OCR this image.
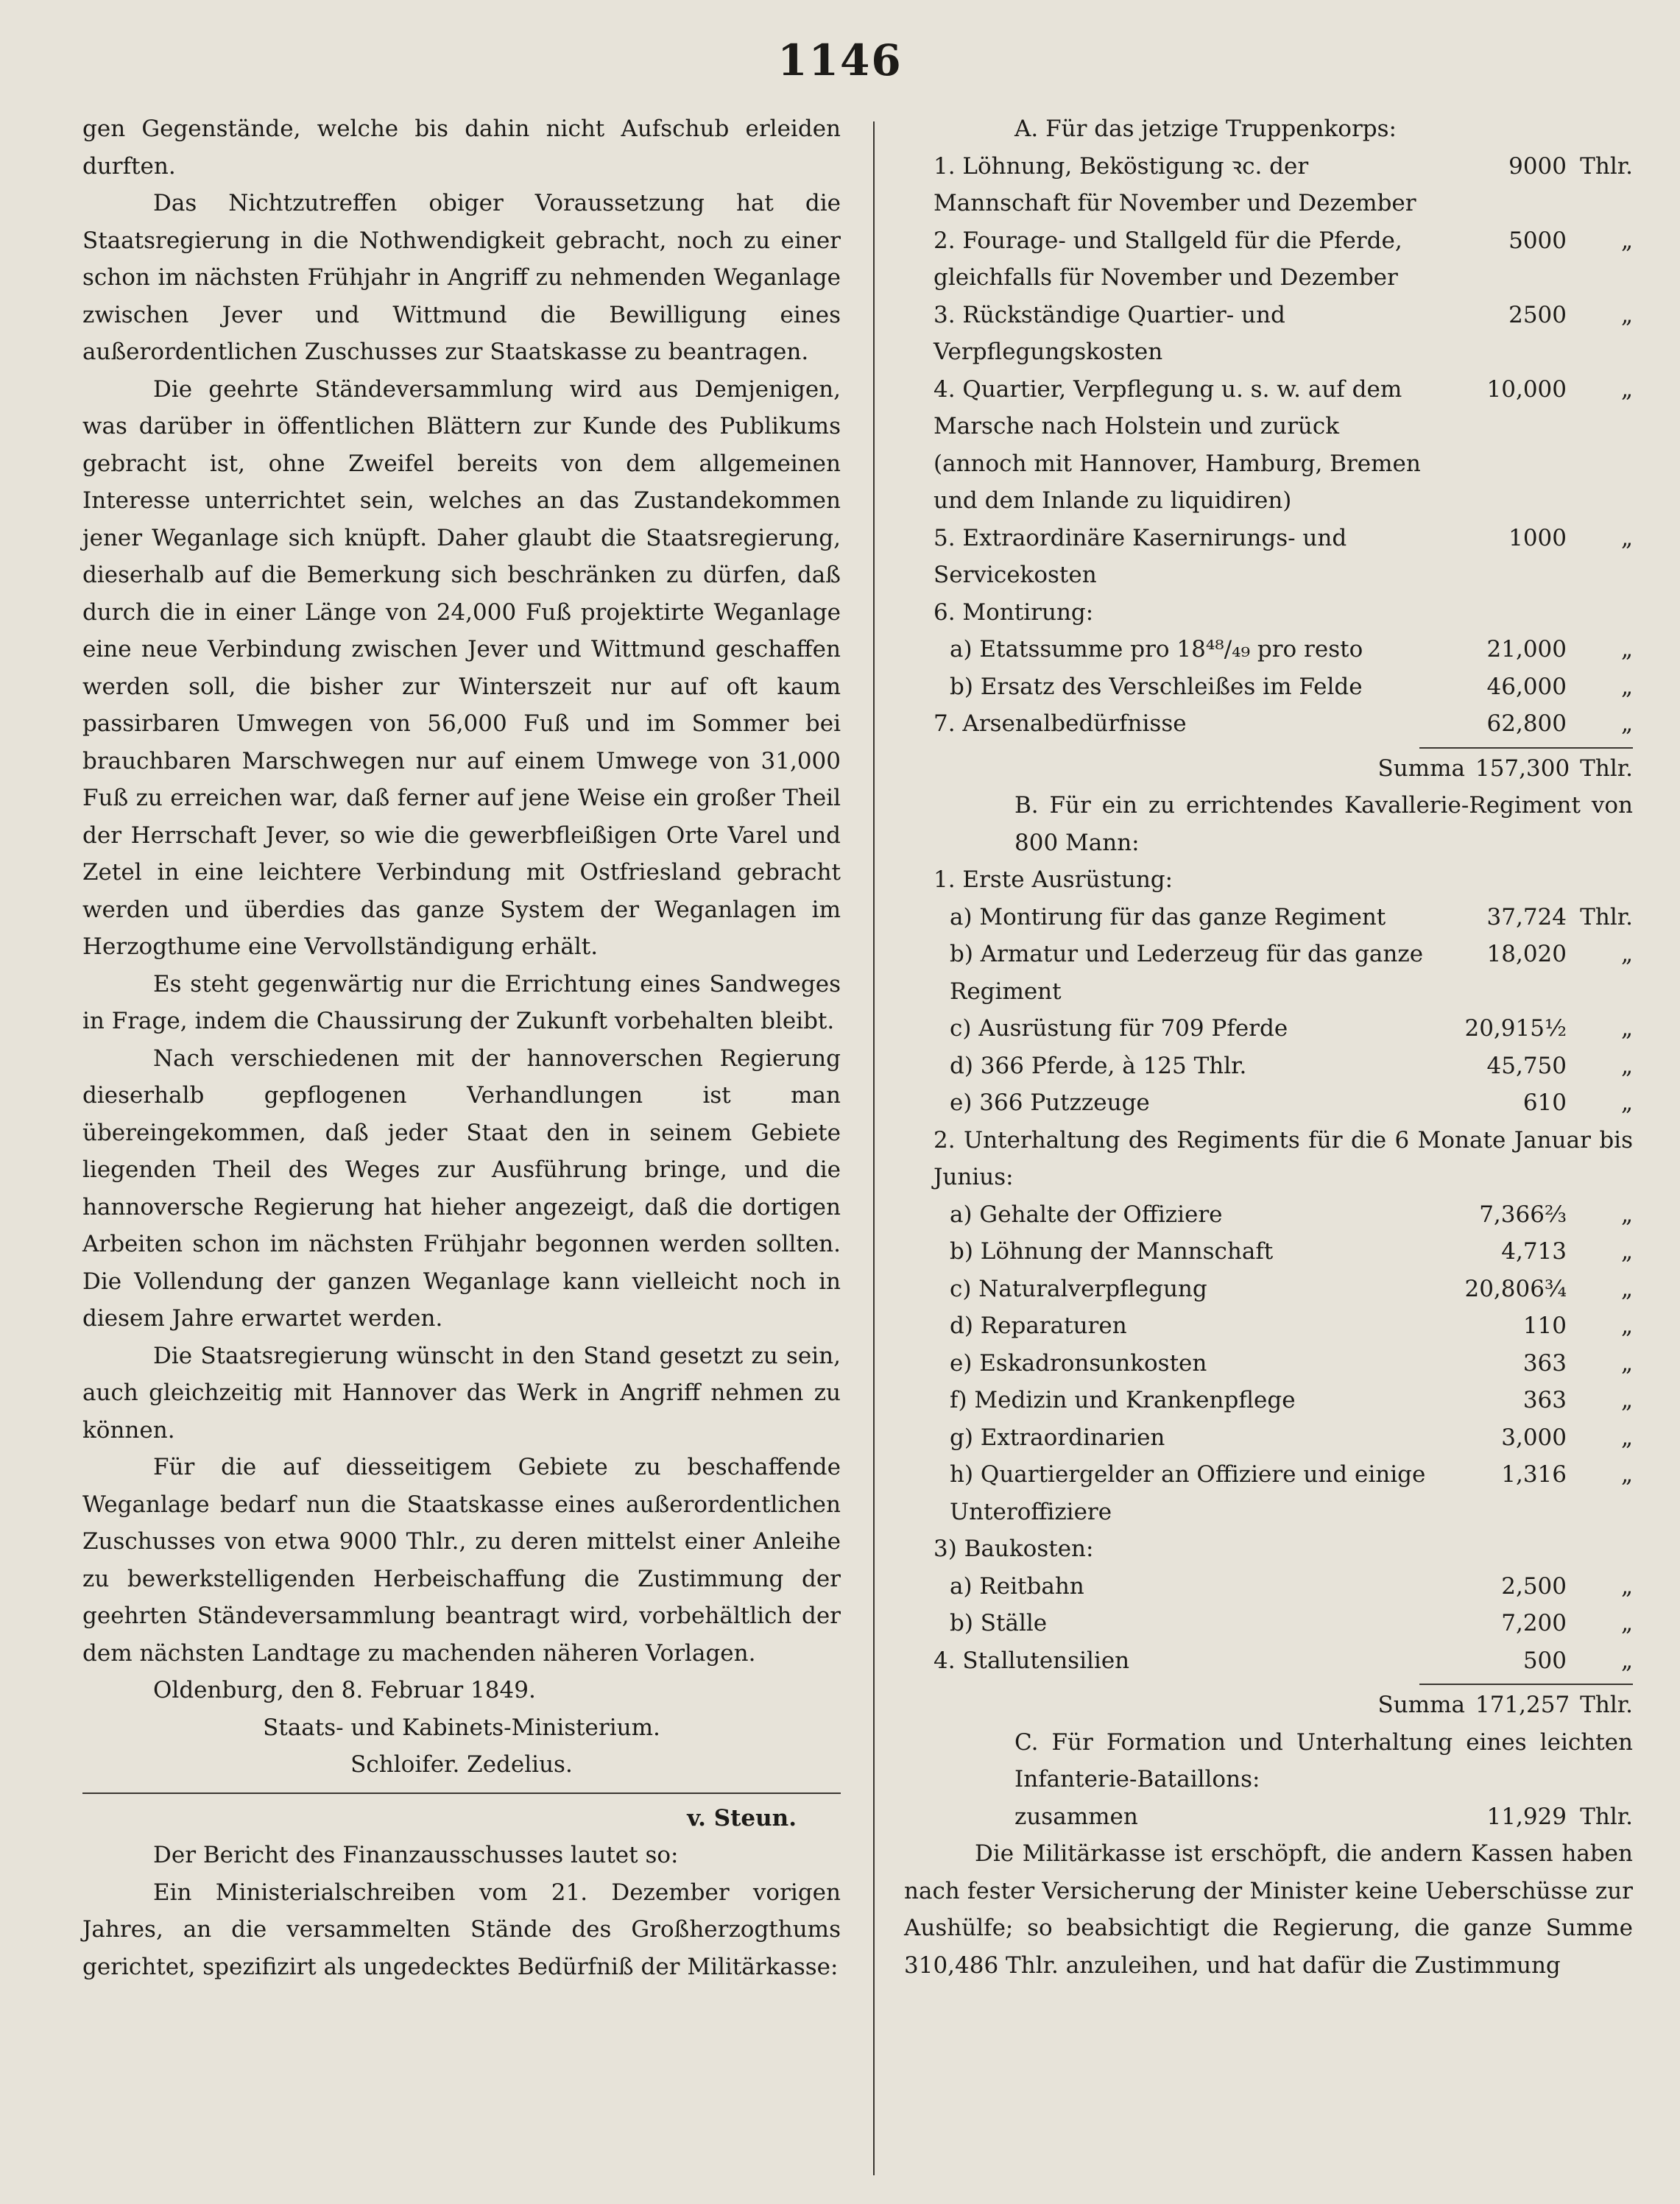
1146

gen Gegenstände, welche bis dahin nicht Aufschub erleiden durften.

Das Nichtzutreffen obiger Voraussetzung hat die Staatsregierung in die Nothwendigkeit gebracht, noch zu einer schon im nächsten Frühjahr in Angriff zu nehmenden Weganlage zwischen Jever und Wittmund die Bewilligung eines außerordentlichen Zuschusses zur Staatskasse zu beantragen.

Die geehrte Ständeversammlung wird aus Demjenigen, was darüber in öffentlichen Blättern zur Kunde des Publikums gebracht ist, ohne Zweifel bereits von dem allgemeinen Interesse unterrichtet sein, welches an das Zustandekommen jener Weganlage sich knüpft. Daher glaubt die Staatsregierung, dieserhalb auf die Bemerkung sich beschränken zu dürfen, daß durch die in einer Länge von 24,000 Fuß projektirte Weganlage eine neue Verbindung zwischen Jever und Wittmund geschaffen werden soll, die bisher zur Winterszeit nur auf oft kaum passirbaren Umwegen von 56,000 Fuß und im Sommer bei brauchbaren Marschwegen nur auf einem Umwege von 31,000 Fuß zu erreichen war, daß ferner auf jene Weise ein großer Theil der Herrschaft Jever, so wie die gewerbfleißigen Orte Varel und Zetel in eine leichtere Verbindung mit Ostfriesland gebracht werden und überdies das ganze System der Weganlagen im Herzogthume eine Vervollständigung erhält.

Es steht gegenwärtig nur die Errichtung eines Sandweges in Frage, indem die Chaussirung der Zukunft vorbehalten bleibt.

Nach verschiedenen mit der hannoverschen Regierung dieserhalb gepflogenen Verhandlungen ist man übereingekommen, daß jeder Staat den in seinem Gebiete liegenden Theil des Weges zur Ausführung bringe, und die hannoversche Regierung hat hieher angezeigt, daß die dortigen Arbeiten schon im nächsten Frühjahr begonnen werden sollten. Die Vollendung der ganzen Weganlage kann vielleicht noch in diesem Jahre erwartet werden.

Die Staatsregierung wünscht in den Stand gesetzt zu sein, auch gleichzeitig mit Hannover das Werk in Angriff nehmen zu können.

Für die auf diesseitigem Gebiete zu beschaffende Weganlage bedarf nun die Staatskasse eines außerordentlichen Zuschusses von etwa 9000 Thlr., zu deren mittelst einer Anleihe zu bewerkstelligenden Herbeischaffung die Zustimmung der geehrten Ständeversammlung beantragt wird, vorbehältlich der dem nächsten Landtage zu machenden näheren Vorlagen.

Oldenburg, den 8. Februar 1849.

Staats- und Kabinets-Ministerium.

Schloifer. Zedelius.

v. Steun.

Der Bericht des Finanzausschusses lautet so:

Ein Ministerialschreiben vom 21. Dezember vorigen Jahres, an die versammelten Stände des Großherzogthums gerichtet, spezifizirt als ungedecktes Bedürfniß der Militärkasse:

A. Für das jetzige Truppenkorps:

1. Löhnung, Beköstigung ꝛc. der Mannschaft für November und Dezember
9000 Thlr.
2. Fourage- und Stallgeld für die Pferde, gleichfalls für November und Dezember
5000	„
3. Rückständige Quartier- und Verpflegungskosten
2500	„
4. Quartier, Verpflegung u. s. w. auf dem Marsche nach Holstein und zurück (annoch mit Hannover, Hamburg, Bremen und dem Inlande zu liquidiren)
10,000	„
5. Extraordinäre Kasernirungs- und Servicekosten
1000	„
6. Montirung:
a) Etatssumme pro 18⁴⁸/₄₉ pro resto	21,000	„
b) Ersatz des Verschleißes im Felde	46,000	„
7. Arsenalbedürfnisse	62,800	„
Summa 157,300 Thlr.

B. Für ein zu errichtendes Kavallerie-Regiment von 800 Mann:

1. Erste Ausrüstung:

a) Montirung für das ganze Regiment	37,724 Thlr.
b) Armatur und Lederzeug für das ganze Regiment
18,020	„
c) Ausrüstung für 709 Pferde	20,915½	„
d) 366 Pferde, à 125 Thlr.	45,750	„
e) 366 Putzzeuge	610	„

2. Unterhaltung des Regiments für die 6 Monate Januar bis Junius:

a) Gehalte der Offiziere	7,366⅔	„
b) Löhnung der Mannschaft	4,713	„
c) Naturalverpflegung	20,806¾	„
d) Reparaturen	110	„
e) Eskadronsunkosten	363	„
f) Medizin und Krankenpflege	363	„
g) Extraordinarien	3,000	„
h) Quartiergelder an Offiziere und einige Unteroffiziere
1,316	„

3) Baukosten:

a) Reitbahn	2,500	„
b) Ställe	7,200	„
4. Stallutensilien	500	„
Summa 171,257 Thlr.

C. Für Formation und Unterhaltung eines leichten Infanterie-Bataillons:

zusammen	11,929 Thlr.

Die Militärkasse ist erschöpft, die andern Kassen haben nach fester Versicherung der Minister keine Ueberschüsse zur Aushülfe; so beabsichtigt die Regierung, die ganze Summe 310,486 Thlr. anzuleihen, und hat dafür die Zustimmung
